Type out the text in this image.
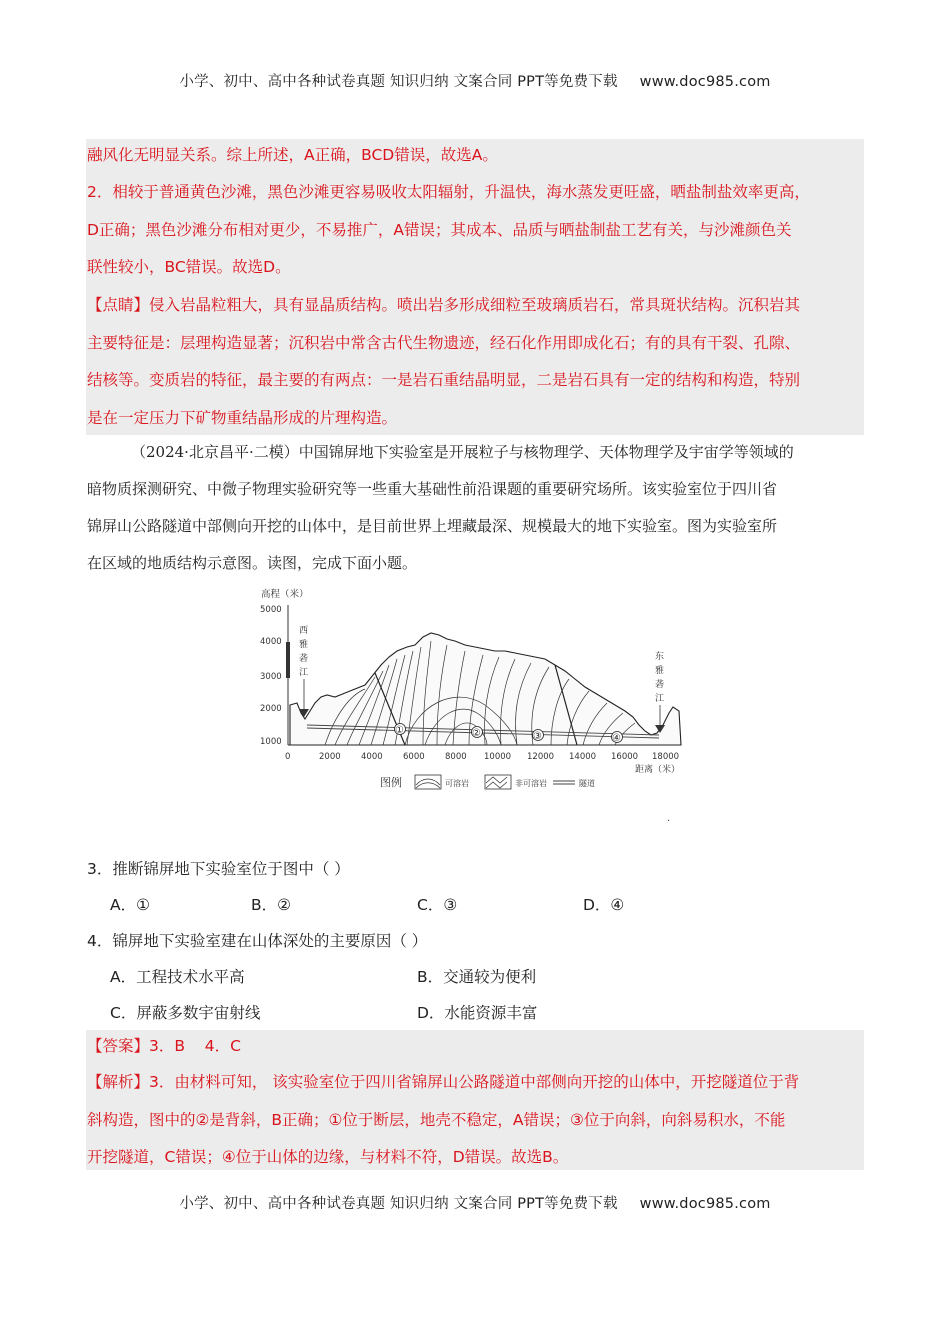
小学、初中、高中各种试卷真题 知识归纳 文案合同 PPT等免费下载 www.doc985.com
融风化无明显关系。综上所述，A正确，BCD错误，故选A。
2．相较于普通黄色沙滩，黑色沙滩更容易吸收太阳辐射，升温快，海水蒸发更旺盛，晒盐制盐效率更高，
D正确；黑色沙滩分布相对更少，不易推广，A错误；其成本、品质与晒盐制盐工艺有关，与沙滩颜色关
联性较小，BC错误。故选D。
【点睛】侵入岩晶粒粗大，具有显晶质结构。喷出岩多形成细粒至玻璃质岩石，常具斑状结构。沉积岩其
主要特征是：层理构造显著；沉积岩中常含古代生物遗迹，经石化作用即成化石；有的具有干裂、孔隙、
结核等。变质岩的特征，最主要的有两点：一是岩石重结晶明显，二是岩石具有一定的结构和构造，特别
是在一定压力下矿物重结晶形成的片理构造。
（2024·北京昌平·二模）中国锦屏地下实验室是开展粒子与核物理学、天体物理学及宇宙学等领域的
暗物质探测研究、中微子物理实验研究等一些重大基础性前沿课题的重要研究场所。该实验室位于四川省
锦屏山公路隧道中部侧向开挖的山体中，是目前世界上埋藏最深、规模最大的地下实验室。图为实验室所
在区域的地质结构示意图。读图，完成下面小题。
高程（米）
5000
4000
3000
2000
1000
0	2000 4000 6000 8000 10000 12000 14000 16000 18000
距离（米）
西
雅
砻
江
东
雅
砻
江
①	②	③	④
图例	可溶岩	非可溶岩	隧道
.
3．推断锦屏地下实验室位于图中（ ）
A．①	B．②	C．③	D．④
4．锦屏地下实验室建在山体深处的主要原因（ ）
A．工程技术水平高	B．交通较为便利
C．屏蔽多数宇宙射线	D．水能资源丰富
【答案】3．B    4．C
【解析】3．由材料可知， 该实验室位于四川省锦屏山公路隧道中部侧向开挖的山体中，开挖隧道位于背
斜构造，图中的②是背斜，B正确；①位于断层，地壳不稳定，A错误；③位于向斜，向斜易积水，不能
开挖隧道，C错误；④位于山体的边缘，与材料不符，D错误。故选B。
小学、初中、高中各种试卷真题 知识归纳 文案合同 PPT等免费下载 www.doc985.com
